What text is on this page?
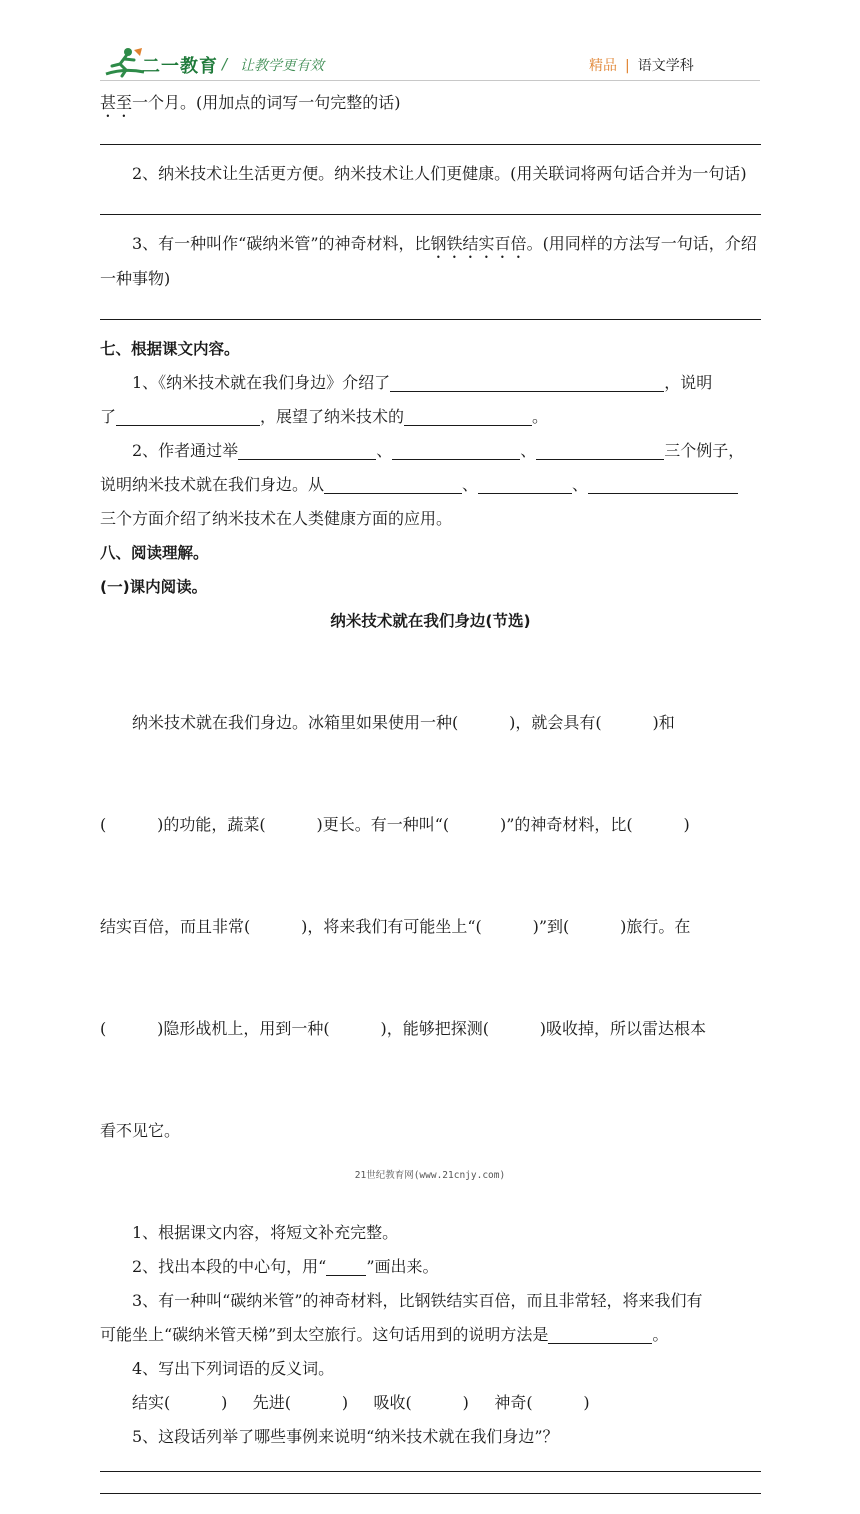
二一教育 / 让教学更有效	精品 | 语文学科

甚至一个月。(用加点的词写一句完整的话)

2、纳米技术让生活更方便。纳米技术让人们更健康。(用关联词将两句话合并为一句话)

3、有一种叫作“碳纳米管”的神奇材料，比钢铁结实百倍。(用同样的方法写一句话，介绍一种事物)

七、根据课文内容。

1、《纳米技术就在我们身边》介绍了	，说明

了	，展望了纳米技术的	。

2、作者通过举	、	、	三个例子，

说明纳米技术就在我们身边。从	、	、

三个方面介绍了纳米技术在人类健康方面的应用。

八、阅读理解。

(一)课内阅读。

纳米技术就在我们身边(节选)

纳米技术就在我们身边。冰箱里如果使用一种(          )，就会具有(          )和

(          )的功能，蔬菜(          )更长。有一种叫“(          )”的神奇材料，比(          )

结实百倍，而且非常(          )，将来我们有可能坐上“(          )”到(          )旅行。在

(          )隐形战机上，用到一种(          )，能够把探测(          )吸收掉，所以雷达根本

看不见它。

1、根据课文内容，将短文补充完整。

2、找出本段的中心句，用“	”画出来。

3、有一种叫“碳纳米管”的神奇材料，比钢铁结实百倍，而且非常轻，将来我们有

可能坐上“碳纳米管天梯”到太空旅行。这句话用到的说明方法是	。

4、写出下列词语的反义词。

结实(          )     先进(          )     吸收(          )     神奇(          )

5、这段话列举了哪些事例来说明“纳米技术就在我们身边”？

21世纪教育网(www.21cnjy.com)
